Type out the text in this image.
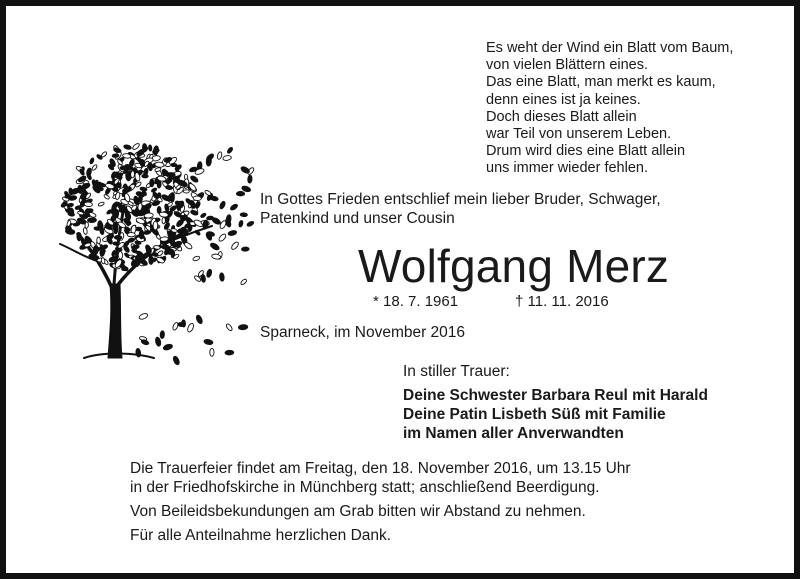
Es weht der Wind ein Blatt vom Baum,
von vielen Blättern eines.
Das eine Blatt, man merkt es kaum,
denn eines ist ja keines.
Doch dieses Blatt allein
war Teil von unserem Leben.
Drum wird dies eine Blatt allein
uns immer wieder fehlen.
In Gottes Frieden entschlief mein lieber Bruder, Schwager,
Patenkind und unser Cousin
Wolfgang Merz
* 18. 7. 1961	† 11. 11. 2016
Sparneck, im November 2016
In stiller Trauer:
Deine Schwester Barbara Reul mit Harald
Deine Patin Lisbeth Süß mit Familie
im Namen aller Anverwandten
Die Trauerfeier findet am Freitag, den 18. November 2016, um 13.15 Uhr
in der Friedhofskirche in Münchberg statt; anschließend Beerdigung.
Von Beileidsbekundungen am Grab bitten wir Abstand zu nehmen.
Für alle Anteilnahme herzlichen Dank.
